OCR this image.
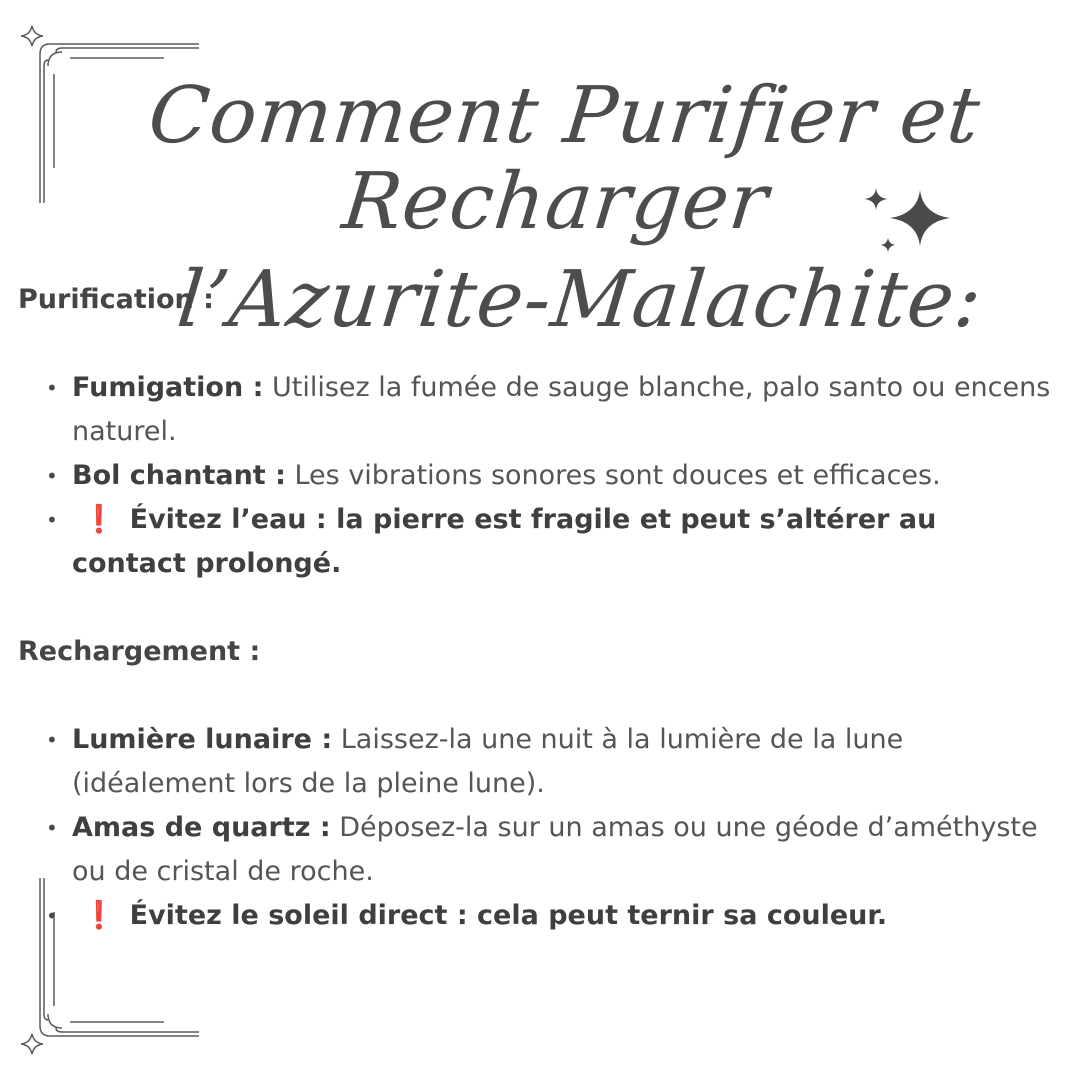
Comment Purifier et Recharger
l’Azurite-Malachite:
Purification :
• Fumigation : Utilisez la fumée de sauge blanche, palo santo ou encens naturel.
• Bol chantant : Les vibrations sonores sont douces et efficaces.
• ❗ Évitez l’eau : la pierre est fragile et peut s’altérer au contact prolongé.
Rechargement :
• Lumière lunaire : Laissez-la une nuit à la lumière de la lune (idéalement lors de la pleine lune).
• Amas de quartz : Déposez-la sur un amas ou une géode d’améthyste ou de cristal de roche.
• ❗ Évitez le soleil direct : cela peut ternir sa couleur.
